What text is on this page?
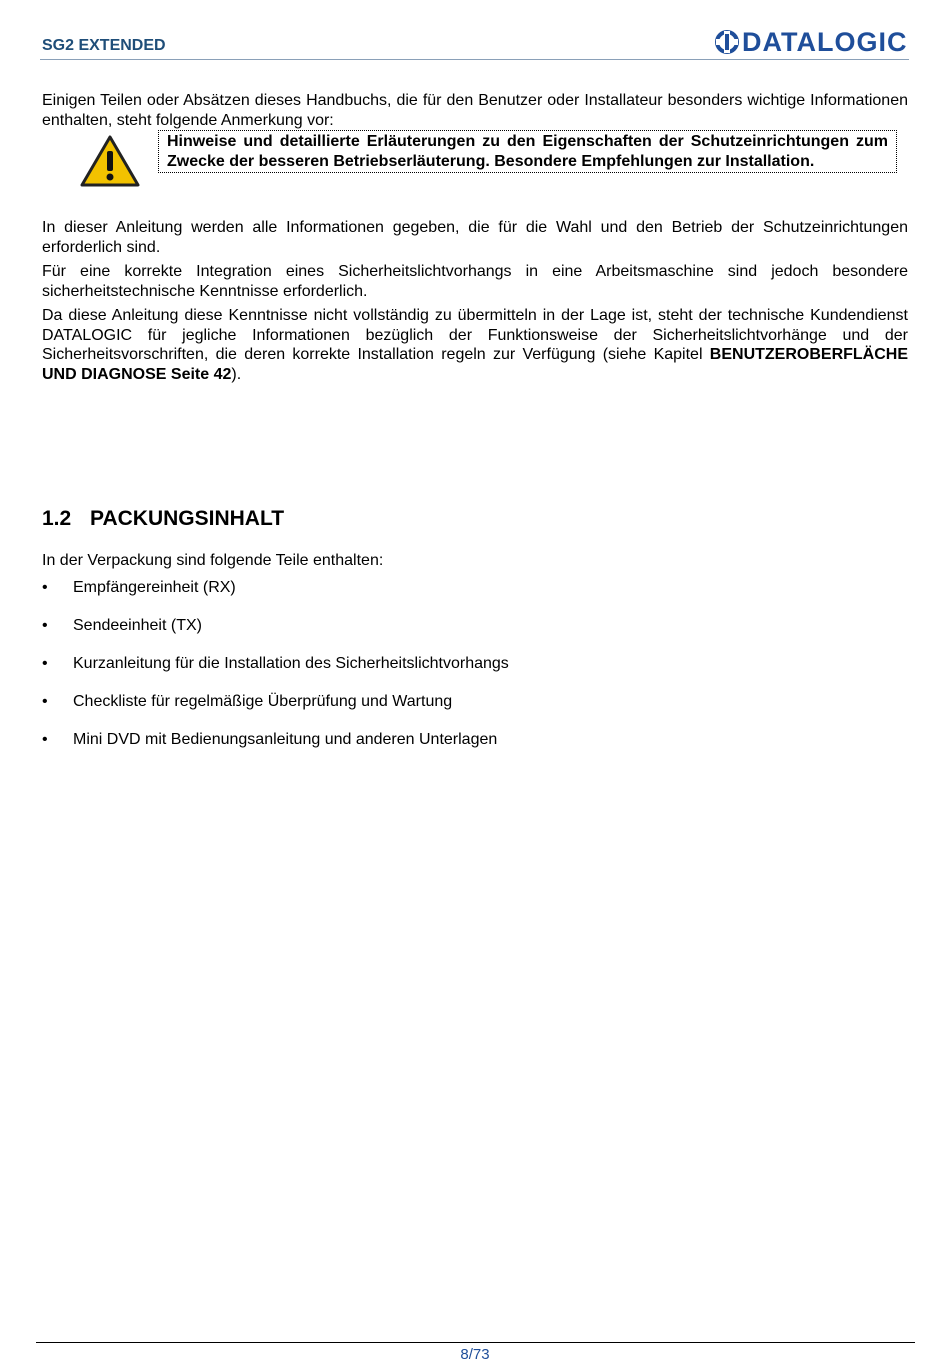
SG2 EXTENDED	DATALOGIC

Einigen Teilen oder Absätzen dieses Handbuchs, die für den Benutzer oder Installateur besonders wichtige Informationen enthalten, steht folgende Anmerkung vor:

Hinweise und detaillierte Erläuterungen zu den Eigenschaften der Schutzeinrichtungen zum Zwecke der besseren Betriebserläuterung. Besondere Empfehlungen zur Installation.

In dieser Anleitung werden alle Informationen gegeben, die für die Wahl und den Betrieb der Schutzeinrichtungen erforderlich sind.

Für eine korrekte Integration eines Sicherheitslichtvorhangs in eine Arbeitsmaschine sind jedoch besondere sicherheitstechnische Kenntnisse erforderlich.

Da diese Anleitung diese Kenntnisse nicht vollständig zu übermitteln in der Lage ist, steht der technische Kundendienst DATALOGIC für jegliche Informationen bezüglich der Funktionsweise der Sicherheitslichtvorhänge und der Sicherheitsvorschriften, die deren korrekte Installation regeln zur Verfügung (siehe Kapitel BENUTZEROBERFLÄCHE UND DIAGNOSE Seite 42).

1.2 PACKUNGSINHALT
In der Verpackung sind folgende Teile enthalten:
• Empfängereinheit (RX)
• Sendeeinheit (TX)
• Kurzanleitung für die Installation des Sicherheitslichtvorhangs
• Checkliste für regelmäßige Überprüfung und Wartung
• Mini DVD mit Bedienungsanleitung und anderen Unterlagen
8/73
